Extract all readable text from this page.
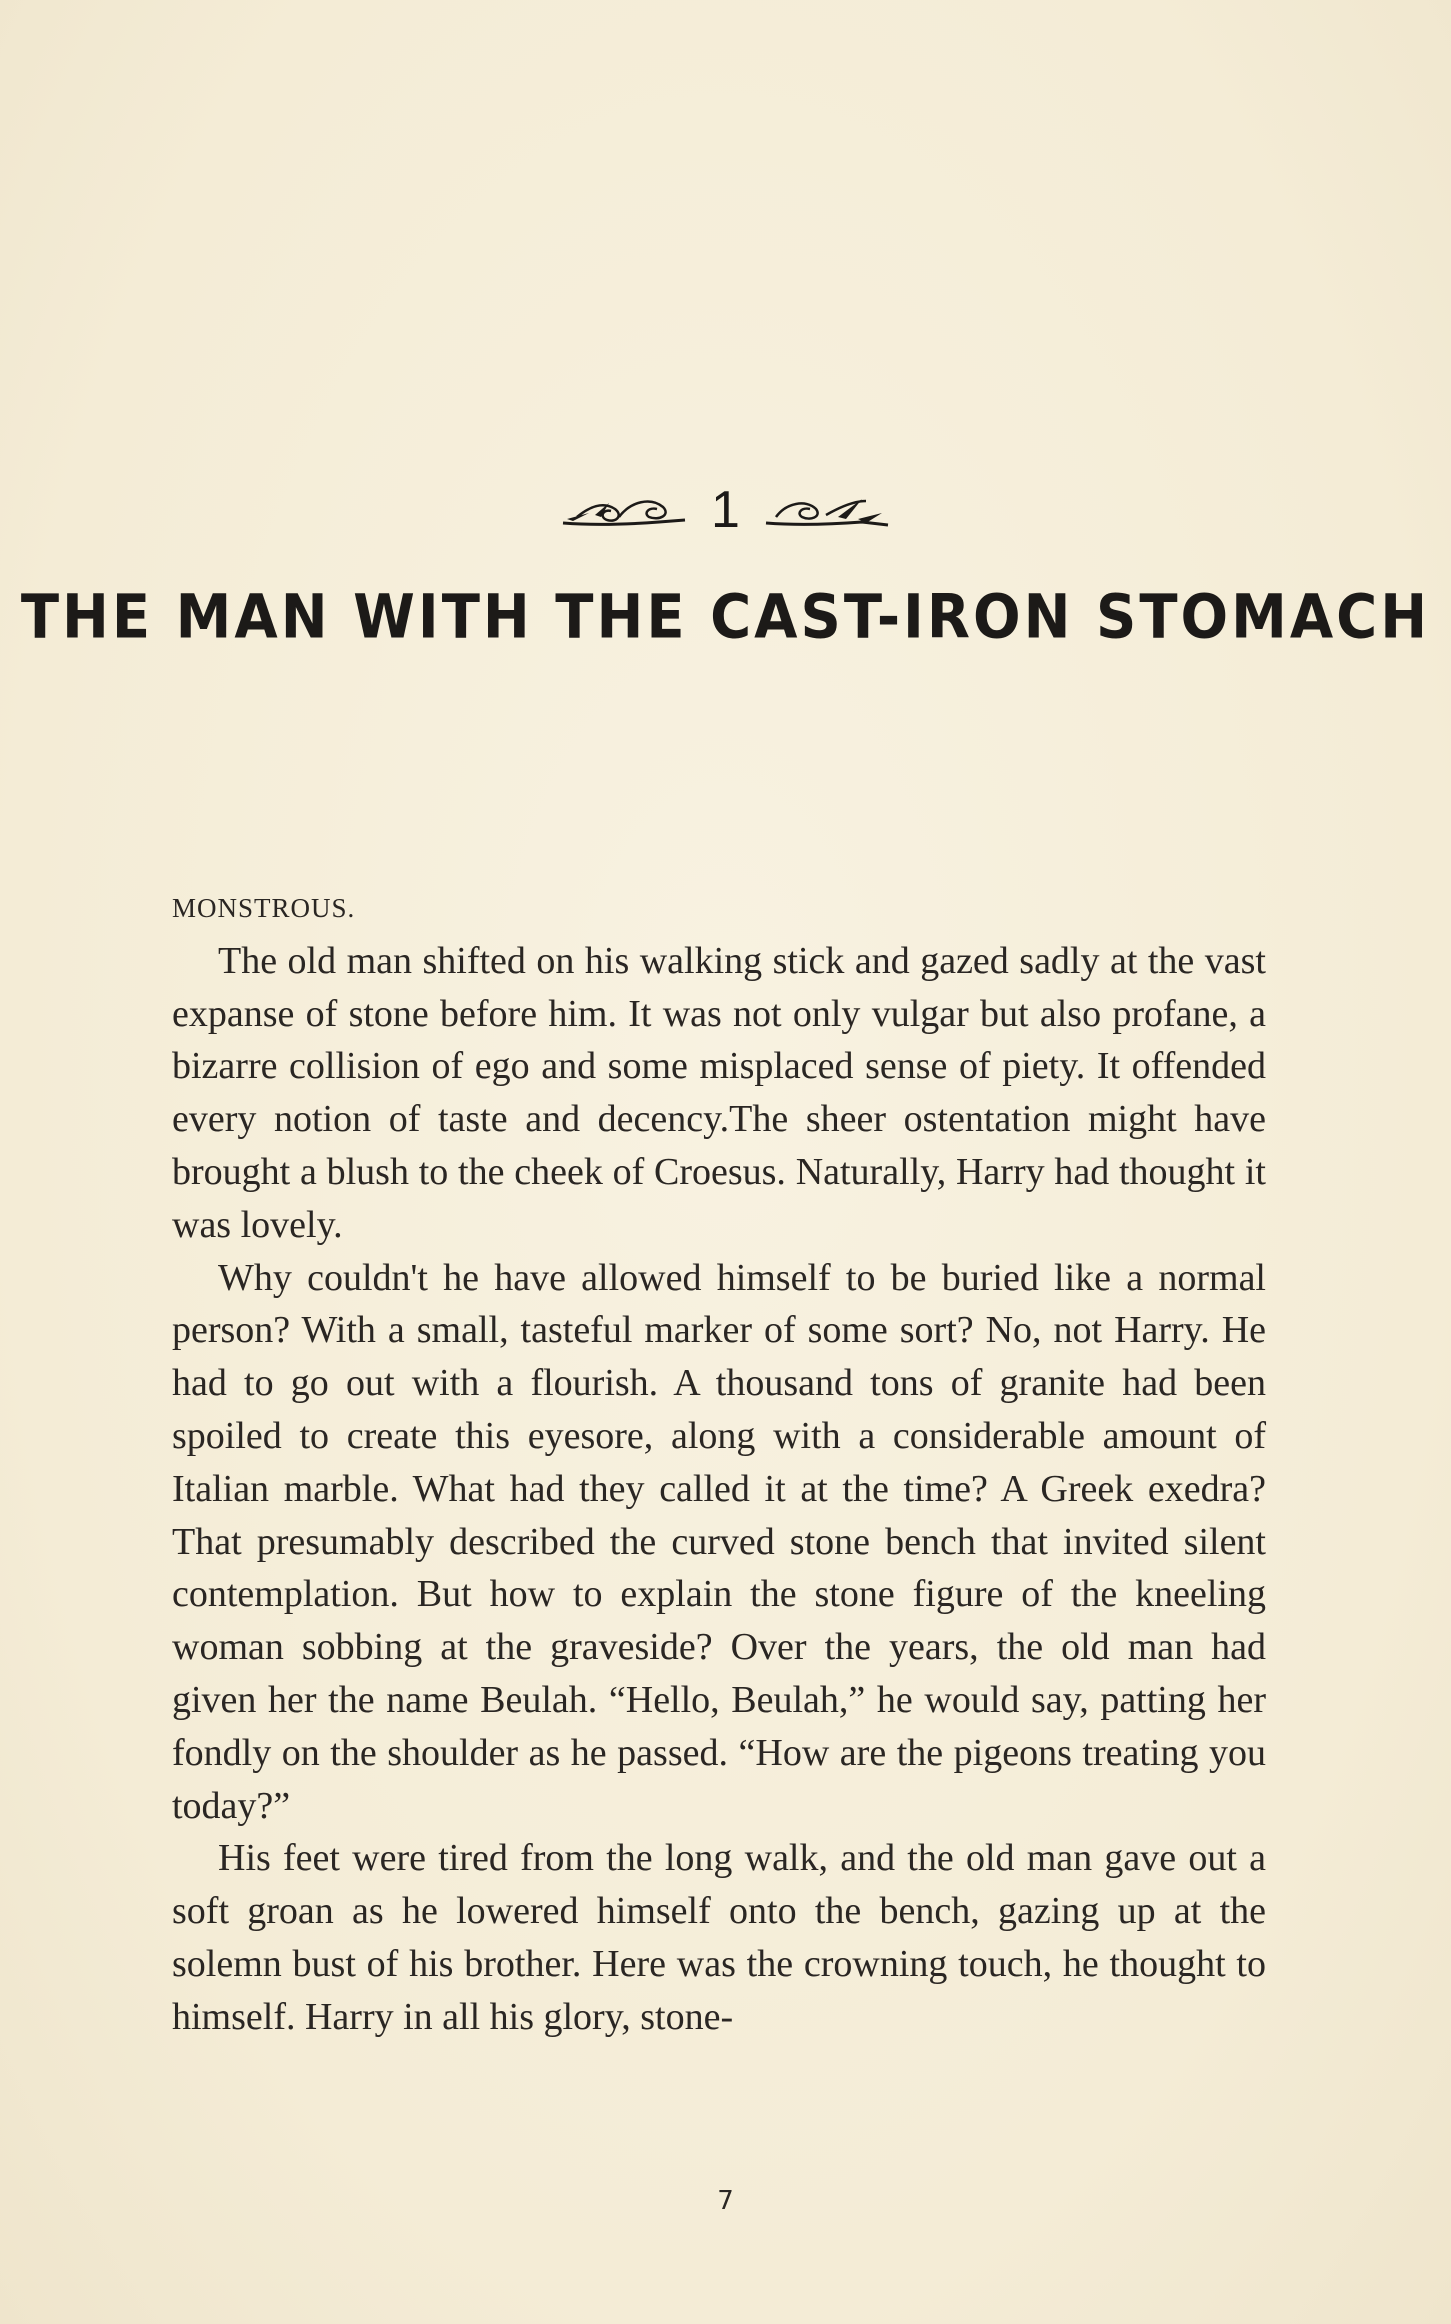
1
THE MAN WITH THE CAST-IRON STOMACH

MONSTROUS.

The old man shifted on his walking stick and gazed sadly at the vast expanse of stone before him. It was not only vulgar but also profane, a bizarre collision of ego and some misplaced sense of piety. It offended every notion of taste and decency.The sheer ostentation might have brought a blush to the cheek of Croesus. Naturally, Harry had thought it was lovely.

Why couldn't he have allowed himself to be buried like a normal person? With a small, tasteful marker of some sort? No, not Harry. He had to go out with a flourish. A thousand tons of granite had been spoiled to create this eyesore, along with a considerable amount of Italian marble. What had they called it at the time? A Greek exedra? That presumably described the curved stone bench that invited silent contemplation. But how to explain the stone figure of the kneeling woman sobbing at the graveside? Over the years, the old man had given her the name Beulah. “Hello, Beulah,” he would say, patting her fondly on the shoulder as he passed. “How are the pigeons treating you today?”

His feet were tired from the long walk, and the old man gave out a soft groan as he lowered himself onto the bench, gazing up at the solemn bust of his brother. Here was the crowning touch, he thought to himself. Harry in all his glory, stone-

7
